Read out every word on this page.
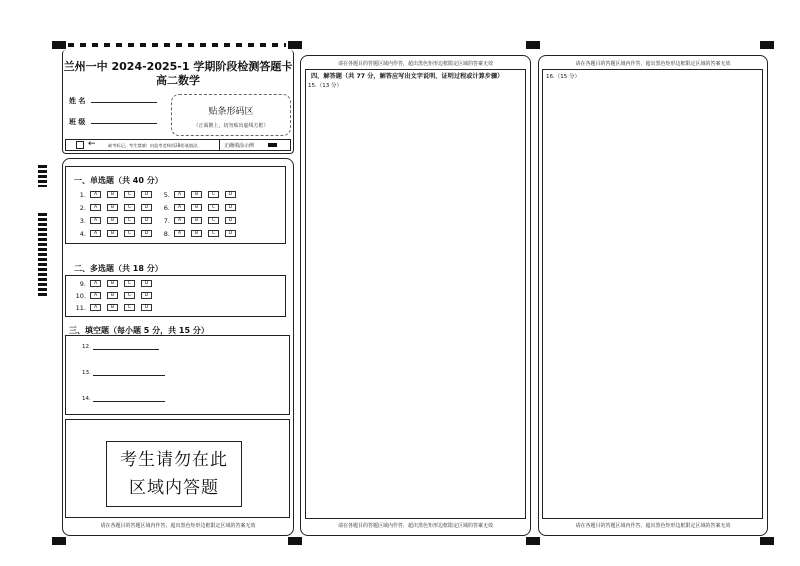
兰州一中 2024-2025-1 学期阶段检测答题卡
高二数学
姓 名
班 级
贴条形码区
（正面朝上，切勿贴出虚线方框）
←	缺考标记，考生禁填！由监考老师用2B铅笔填涂。	正确填涂示例
一、单选题（共 40 分）
1.	A	B	C	D
2.	A	B	C	D
3.	A	B	C	D
4.	A	B	C	D
5.	A	B	C	D
6.	A	B	C	D
7.	A	B	C	D
8.	A	B	C	D
二、多选题（共 18 分）
9.	A	B	C	D
10.	A	B	C	D
11.	A	B	C	D
三、填空题（每小题 5 分，共 15 分）
12.
13.
14.
考生请勿在此
区域内答题
请在各题目的答题区域内作答，超出黑色矩形边框限定区域的答案无效
请在各题目的答题区域内作答，超出黑色矩形边框限定区域的答案无效
四、解答题（共 77 分，解答应写出文字说明、证明过程或计算步骤）
15.（13 分）
请在各题目的答题区域内作答，超出黑色矩形边框限定区域的答案无效
请在各题目的答题区域内作答，超出黑色矩形边框限定区域的答案无效
16.（15 分）
请在各题目的答题区域内作答，超出黑色矩形边框限定区域的答案无效
